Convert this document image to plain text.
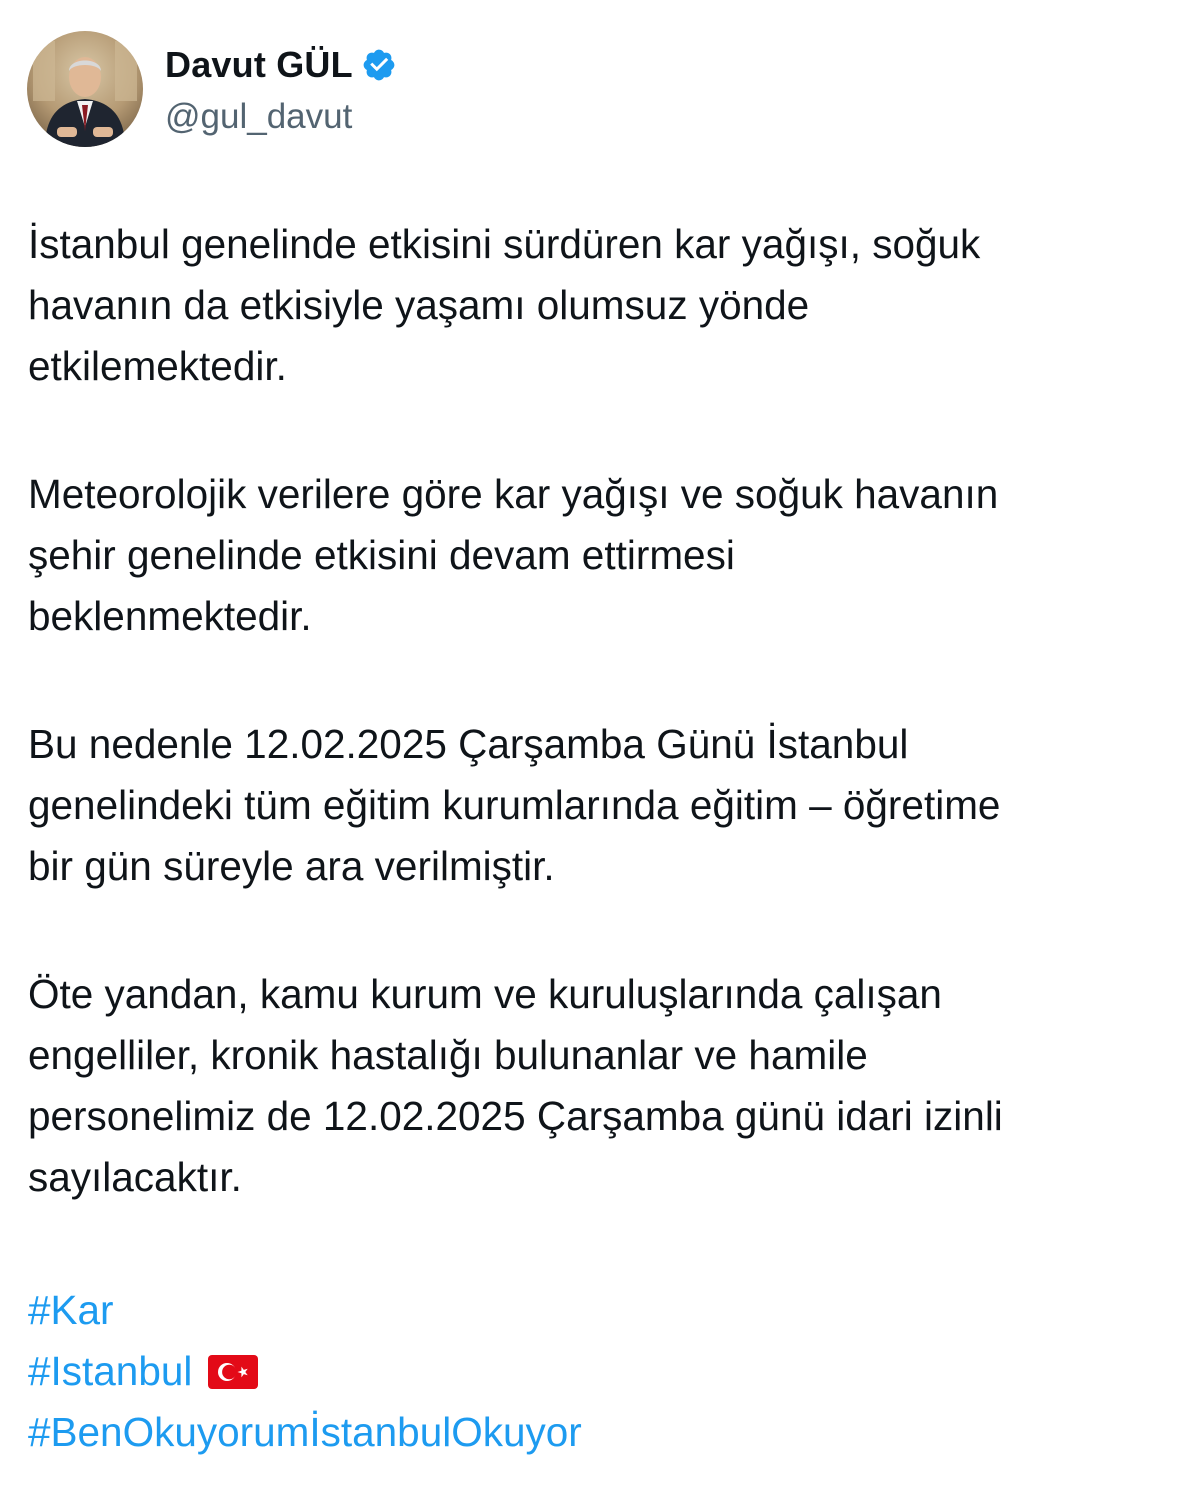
Davut GÜL
@gul_davut

İstanbul genelinde etkisini sürdüren kar yağışı, soğuk
havanın da etkisiyle yaşamı olumsuz yönde
etkilemektedir.

Meteorolojik verilere göre kar yağışı ve soğuk havanın
şehir genelinde etkisini devam ettirmesi
beklenmektedir.

Bu nedenle 12.02.2025 Çarşamba Günü İstanbul
genelindeki tüm eğitim kurumlarında eğitim – öğretime
bir gün süreyle ara verilmiştir.

Öte yandan, kamu kurum ve kuruluşlarında çalışan
engelliler, kronik hastalığı bulunanlar ve hamile
personelimiz de 12.02.2025 Çarşamba günü idari izinli
sayılacaktır.

#Kar
#Istanbul
#BenOkuyorumİstanbulOkuyor
